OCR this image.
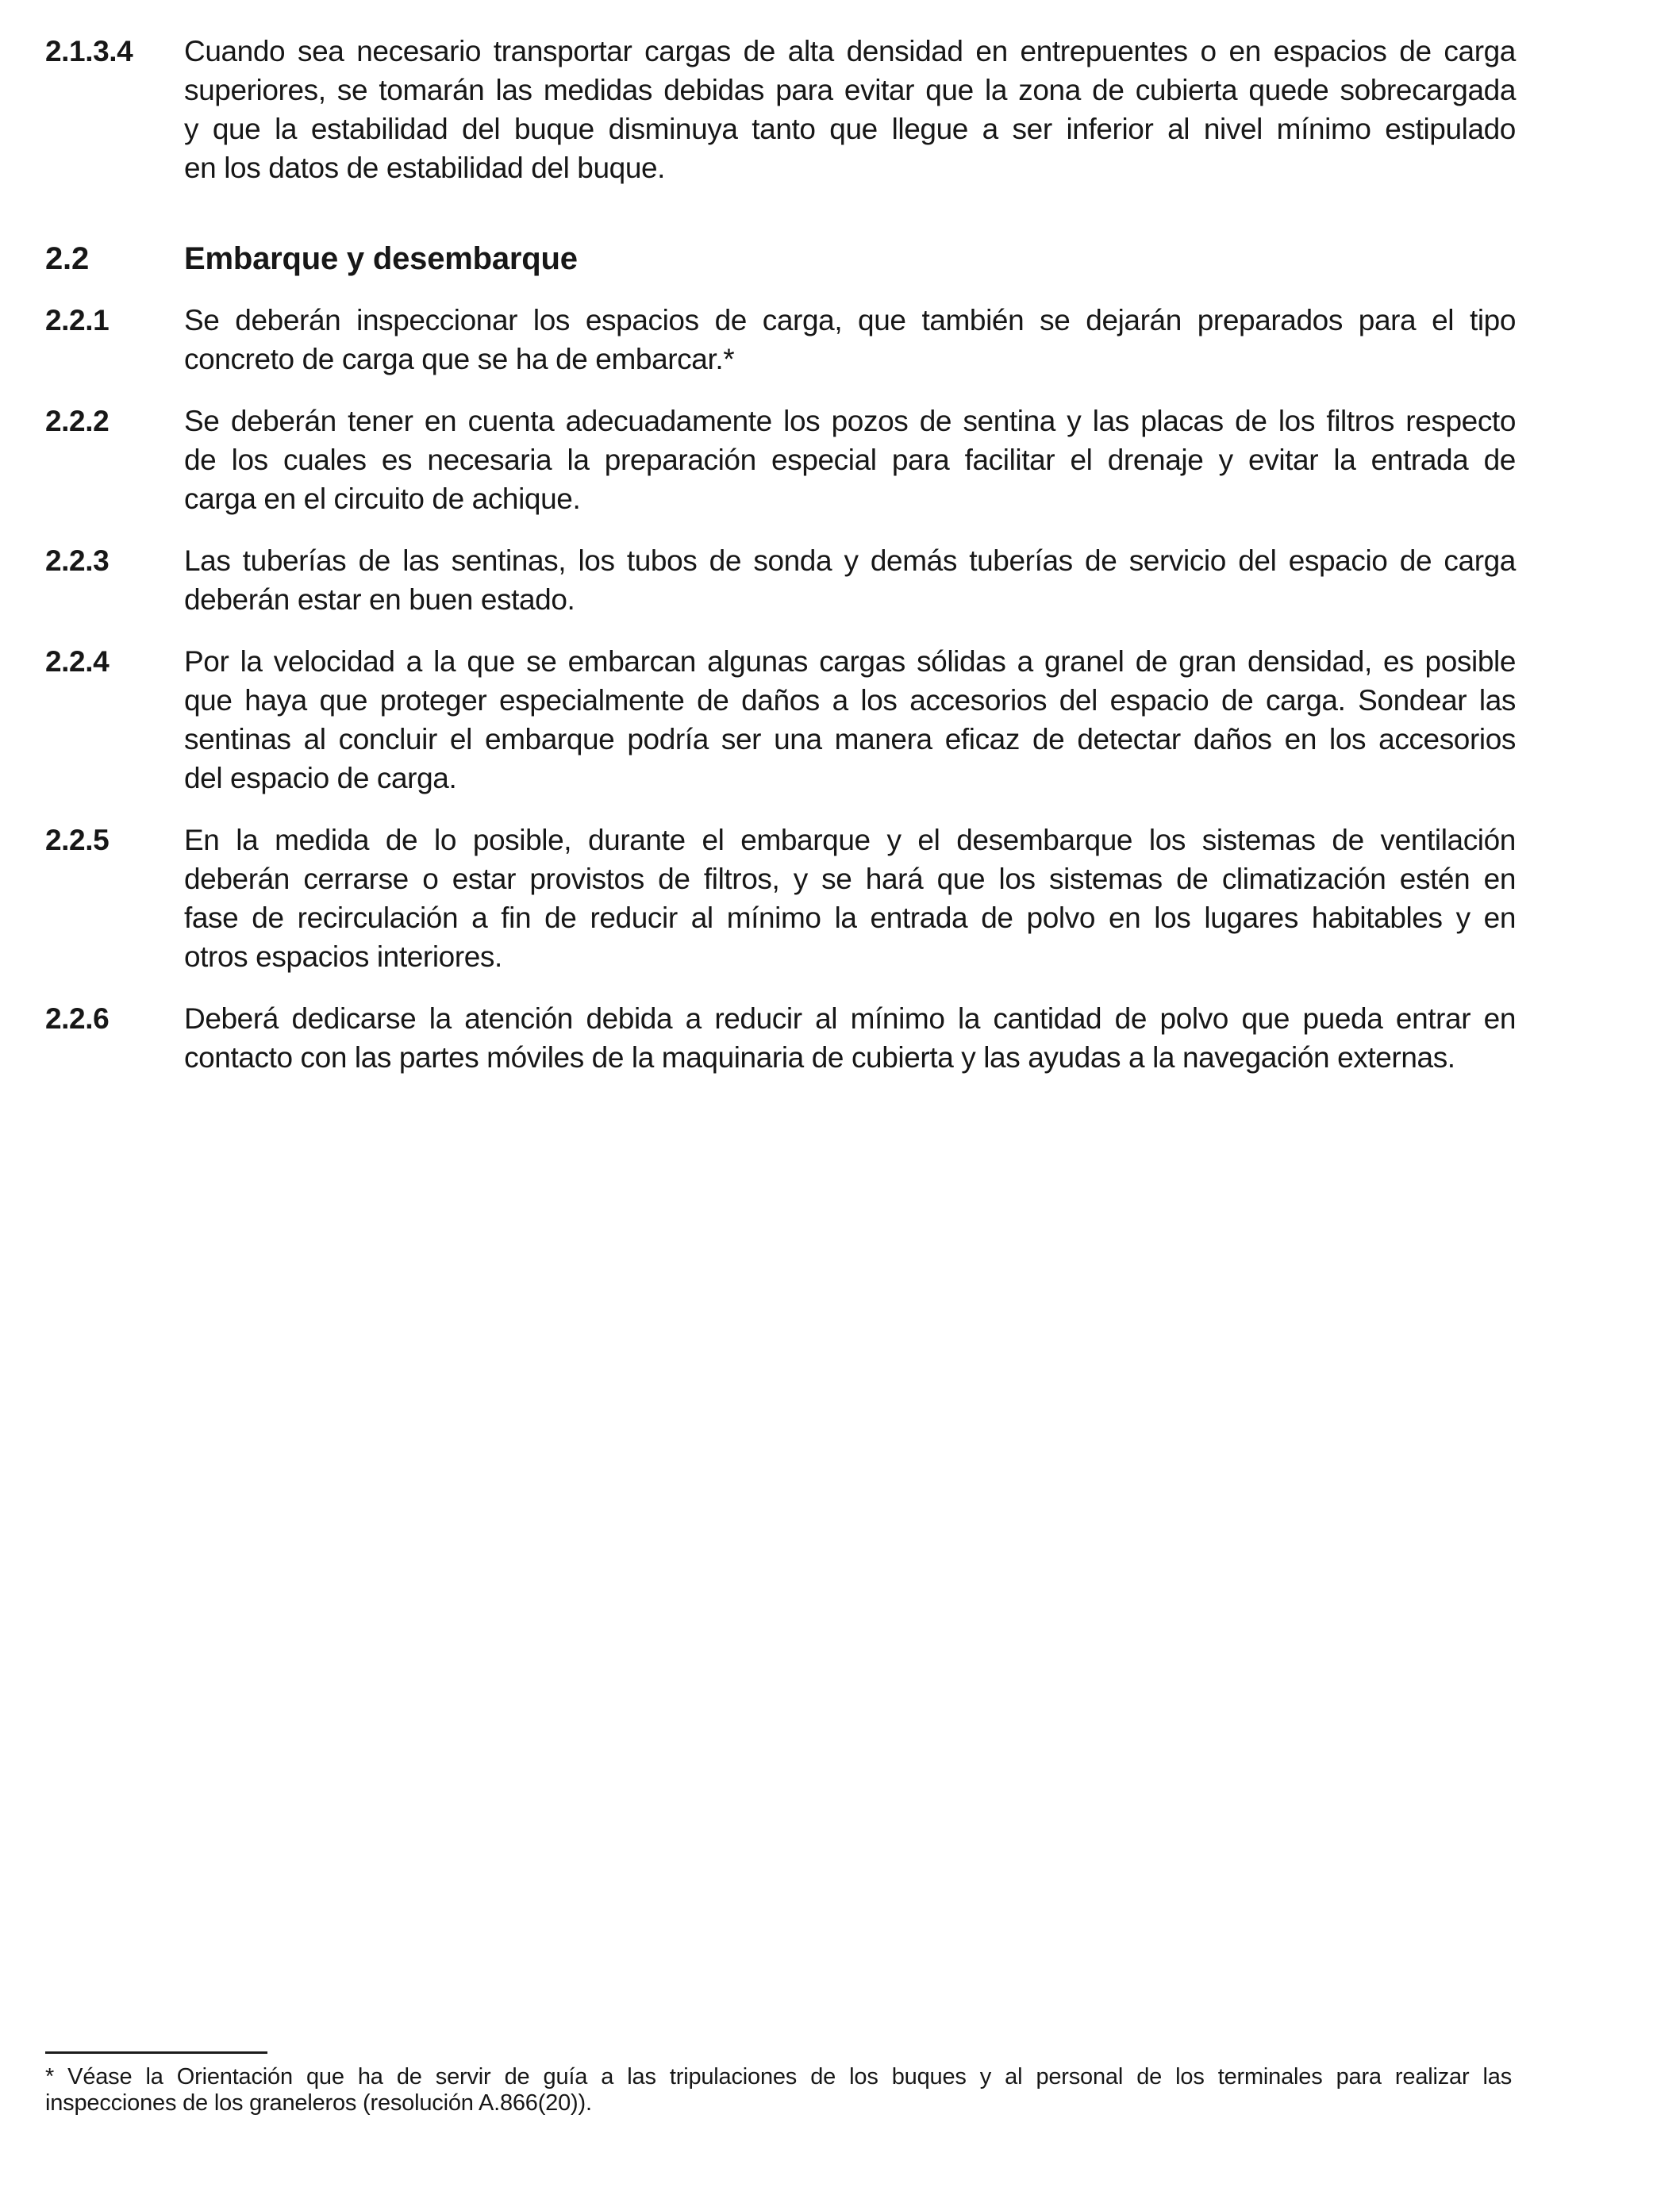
2.1.3.4	Cuando sea necesario transportar cargas de alta densidad en entrepuentes o en espacios de carga
superiores, se tomarán las medidas debidas para evitar que la zona de cubierta quede sobrecargada
y que la estabilidad del buque disminuya tanto que llegue a ser inferior al nivel mínimo estipulado
en los datos de estabilidad del buque.
2.2	Embarque y desembarque
2.2.1	Se deberán inspeccionar los espacios de carga, que también se dejarán preparados para el tipo
concreto de carga que se ha de embarcar.*
2.2.2	Se deberán tener en cuenta adecuadamente los pozos de sentina y las placas de los filtros respecto
de los cuales es necesaria la preparación especial para facilitar el drenaje y evitar la entrada de
carga en el circuito de achique.
2.2.3	Las tuberías de las sentinas, los tubos de sonda y demás tuberías de servicio del espacio de carga
deberán estar en buen estado.
2.2.4	Por la velocidad a la que se embarcan algunas cargas sólidas a granel de gran densidad, es posible
que haya que proteger especialmente de daños a los accesorios del espacio de carga. Sondear las
sentinas al concluir el embarque podría ser una manera eficaz de detectar daños en los accesorios
del espacio de carga.
2.2.5	En la medida de lo posible, durante el embarque y el desembarque los sistemas de ventilación
deberán cerrarse o estar provistos de filtros, y se hará que los sistemas de climatización estén en
fase de recirculación a fin de reducir al mínimo la entrada de polvo en los lugares habitables y en
otros espacios interiores.
2.2.6	Deberá dedicarse la atención debida a reducir al mínimo la cantidad de polvo que pueda entrar en
contacto con las partes móviles de la maquinaria de cubierta y las ayudas a la navegación externas.
* Véase la Orientación que ha de servir de guía a las tripulaciones de los buques y al personal de los terminales para realizar las
inspecciones de los graneleros (resolución A.866(20)).
